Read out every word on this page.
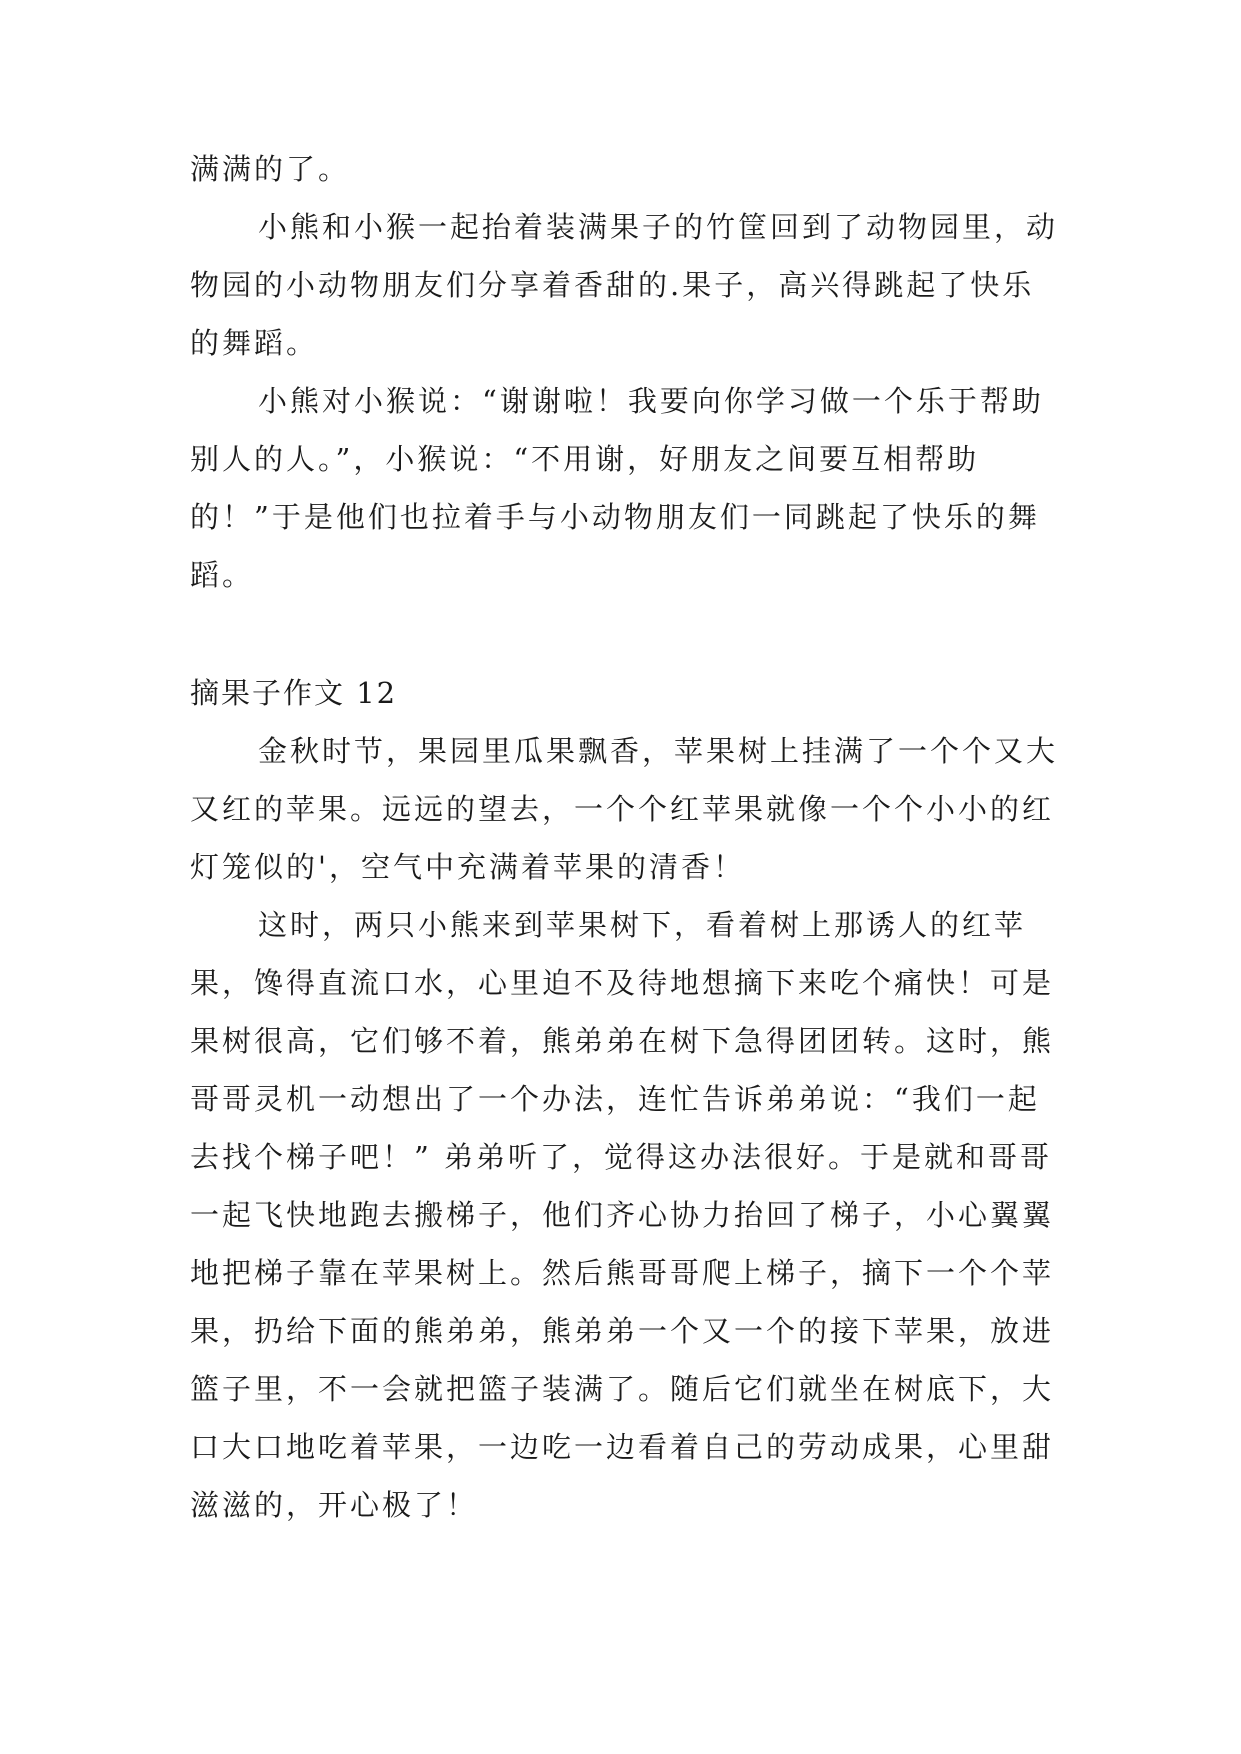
满满的了。

小熊和小猴一起抬着装满果子的竹筐回到了动物园里，动物园的小动物朋友们分享着香甜的.果子，高兴得跳起了快乐的舞蹈。

小熊对小猴说：“谢谢啦！我要向你学习做一个乐于帮助别人的人。”，小猴说：“不用谢，好朋友之间要互相帮助的！”于是他们也拉着手与小动物朋友们一同跳起了快乐的舞蹈。

摘果子作文 12

金秋时节，果园里瓜果飘香，苹果树上挂满了一个个又大又红的苹果。远远的望去，一个个红苹果就像一个个小小的红灯笼似的'，空气中充满着苹果的清香！

这时，两只小熊来到苹果树下，看着树上那诱人的红苹果，馋得直流口水，心里迫不及待地想摘下来吃个痛快！可是果树很高，它们够不着，熊弟弟在树下急得团团转。这时，熊哥哥灵机一动想出了一个办法，连忙告诉弟弟说：“我们一起去找个梯子吧！” 弟弟听了，觉得这办法很好。于是就和哥哥一起飞快地跑去搬梯子，他们齐心协力抬回了梯子，小心翼翼地把梯子靠在苹果树上。然后熊哥哥爬上梯子，摘下一个个苹果，扔给下面的熊弟弟，熊弟弟一个又一个的接下苹果，放进篮子里，不一会就把篮子装满了。随后它们就坐在树底下，大口大口地吃着苹果，一边吃一边看着自己的劳动成果，心里甜滋滋的，开心极了！
